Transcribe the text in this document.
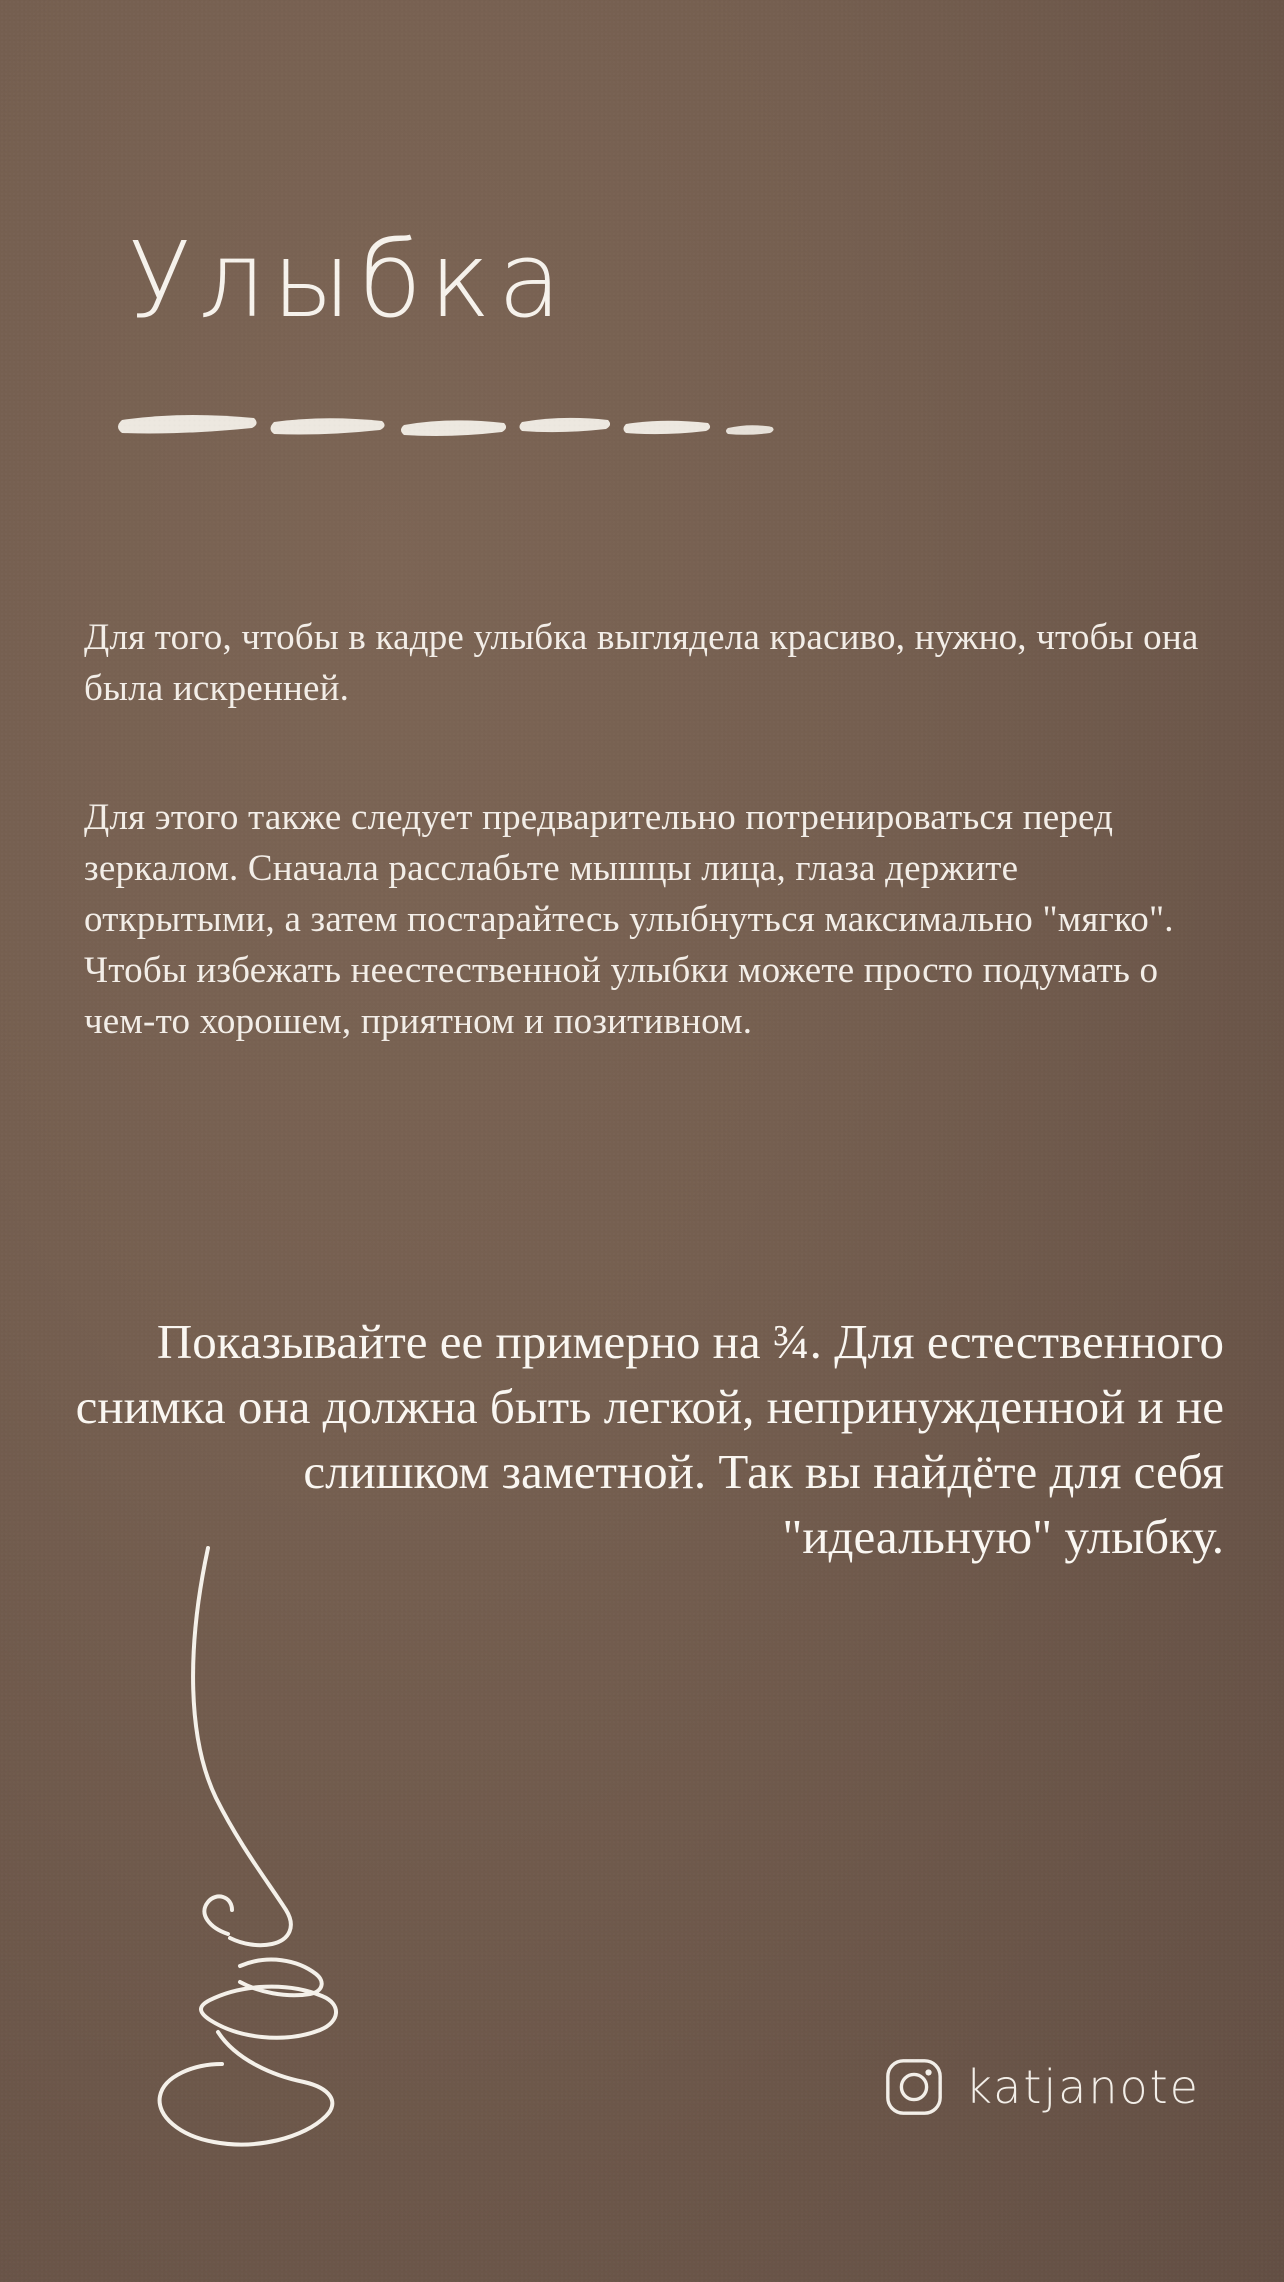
Улыбка

Для того, чтобы в кадре улыбка выглядела красиво, нужно, чтобы она была искренней.

Для этого также следует предварительно потренироваться перед зеркалом. Сначала расслабьте мышцы лица, глаза держите открытыми, а затем постарайтесь улыбнуться максимально "мягко". Чтобы избежать неестественной улыбки можете просто подумать о чем-то хорошем, приятном и позитивном.

Показывайте ее примерно на ¾. Для естественного снимка она должна быть легкой, непринужденной и не слишком заметной. Так вы найдёте для себя "идеальную" улыбку.

katjanote
